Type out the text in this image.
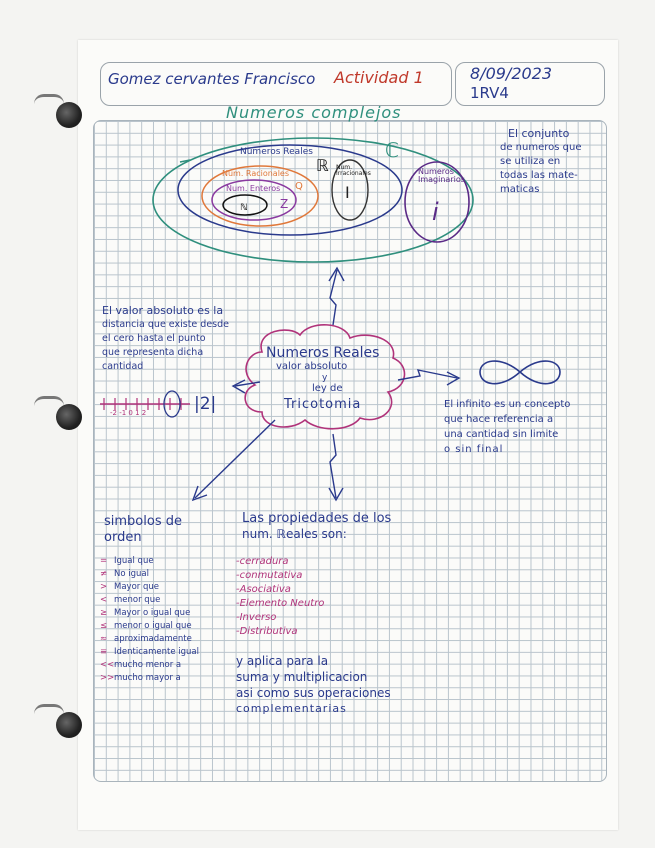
Gomez cervantes Francisco Actividad 1	8/09/2023
1RV4
Numeros complejos
ℂ
Numeros Reales
ℝ
Num. Racionales
Q
Num. Enteros
Z
ℕ
Num. Irracionales
I
Numeros Imaginarios
i
El conjunto
de numeros que
se utiliza en
todas las mate-
maticas
Numeros Reales
valor absoluto
y
ley de
Tricotomia
El valor absoluto es la
distancia que existe desde
el cero hasta el punto
que representa dicha
cantidad
-2 -1 0 1 2	|2|	El infinito es un concepto
que hace referencia a
una cantidad sin limite
o sin final
simbolos de
orden
= Igual que
≠ No igual
> Mayor que
< menor que
≥ Mayor o igual que
≤ menor o igual que
≈ aproximadamente
≡ Identicamente igual
<<mucho menor a
>>mucho mayor a
Las propiedades de los
num. ℝeales son:
-cerradura
-conmutativa
-Asociativa
-Elemento Neutro
-Inverso
-Distributiva
y aplica para la
suma y multiplicacion
asi como sus operaciones
complementarias
